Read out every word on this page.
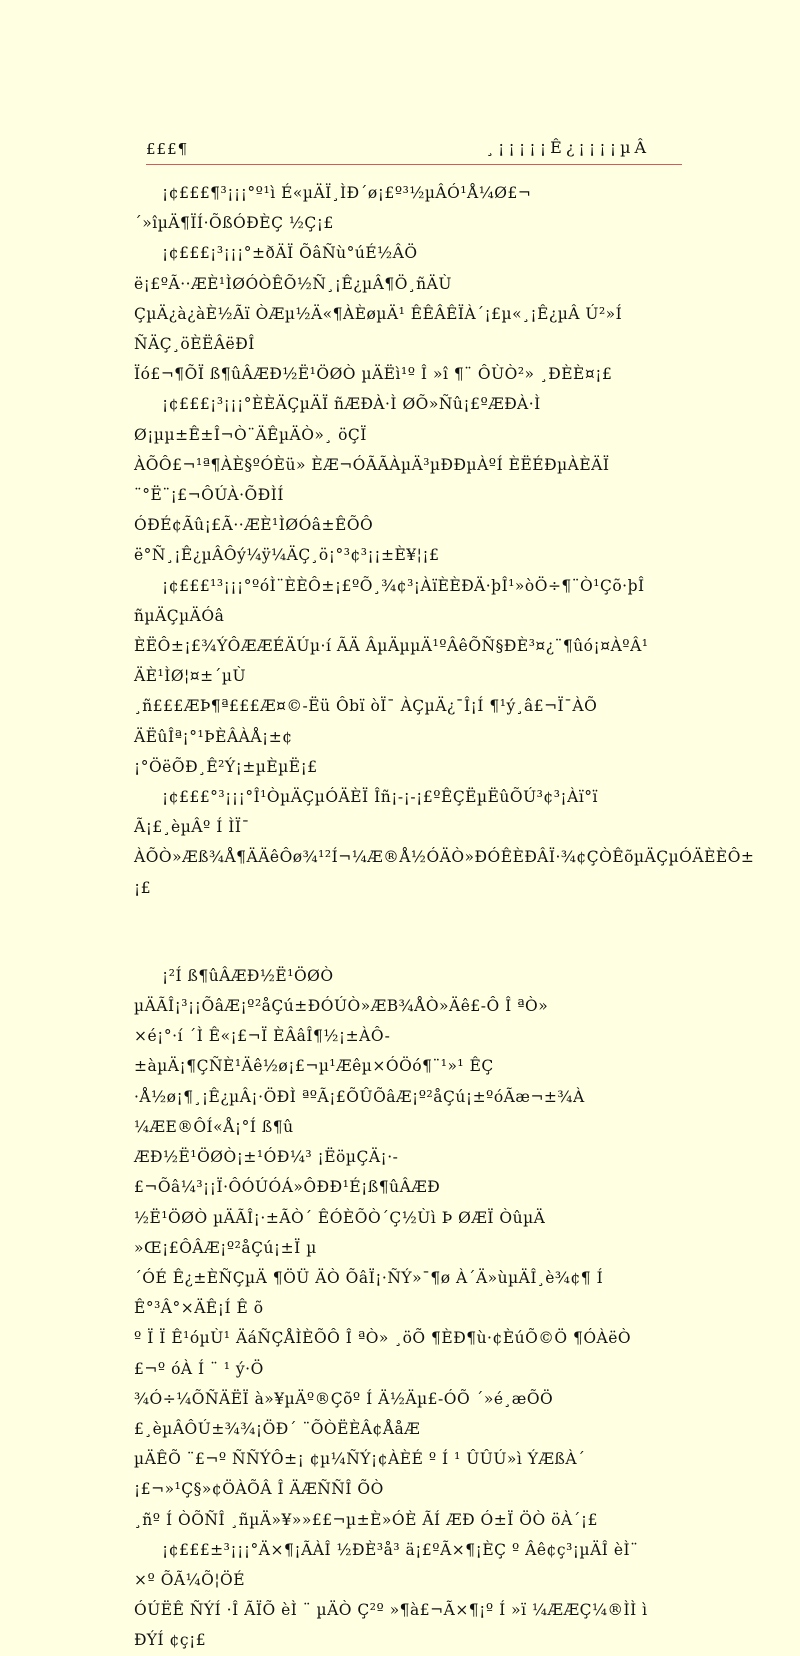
£££¶	¸¡¡¡¡¡Ê¿¡¡¡¡µÂ

¡¢£££¶³¡¡¡°º¹ì É«µÄÏ¸ÌÐ´ø¡£º³½µÂÓ¹Å¼Ø£¬´»îµÄ¶ÏÍ·ÕßÓÐÈÇ ½Ç¡£

¡¢£££¡³¡¡¡°±ðÄÏ ÕâÑù°úÉ½ÂÖ ë¡£ºÃ··ÆÈ¹ÌØÓÒÊÕ½Ñ¸¡Ê¿µÂ¶Ö¸ñÄÙ
ÇµÄ¿à¿àÈ½Ãï ÒÆµ½Ä«¶ÀÈøµÄ¹ ÊÊÂÊÏÀ´¡£µ«¸¡Ê¿µÂ Ú²»Í ÑÄÇ¸öÈËÂëÐÎ
Ïó£¬¶ÕÏ ß¶ûÂÆÐ½Ë¹ÖØÒ µÄËì¹º Î »î ¶¨ ÔÙÒ²» ¸ÐÈÈ¤¡£

¡¢£££¡³¡¡¡°ÈÈÄÇµÄÏ ñÆÐÀ·Ì ØÕ»Ñû¡£ºÆÐÀ·Ì Ø¡µµ±Ê±Î¬Ò¨ÄÊµÄÒ»¸ öÇÏ
ÀÕÔ£¬¹ª¶ÀÈ§ºÓÈü» ÈÆ¬ÓÃÃÀµÄ³µÐÐµÀºÍ ÈËÉÐµÀÈÄÏ ¨°Ë¨¡£¬ÔÚÀ·ÕÐÌÍ
ÓÐÉ¢Ãû¡£Ã··ÆÈ¹ÌØÓâ±ÊÕÔ ë°Ñ¸¡Ê¿µÂÔý¼ÿ¼ÄÇ¸ö¡°³¢³¡¡±È¥¦¡£

¡¢£££¹³¡¡¡°ºóÌ¨ÈÈÔ±¡£ºÕ¸¾¢³¡ÀïÈÈÐÄ·þÎ¹»òÖ÷¶¨Ò¹Çõ·þÎ ñµÄÇµÄÓâ
ÈËÔ±¡£¾ÝÔÆÆÉÄÚµ·í ÃÄ ÂµÄµµÄ¹ºÂêÕÑ§ÐÈ³¤¿¨¶ûó¡¤ÀºÂ¹ ÄÈ¹ÌØ¦¤±´µÙ
¸ñ£££ÆÞ¶ª£££Æ¤©-Ëü Ôbï òÏ¯ ÀÇµÄ¿¯Î¡Í ¶¹ý¸â£¬Ï¯ÀÕ ÄËûÎª¡°¹ÞÈÂÀÅ¡±¢
¡°ÖëÕÐ¸Ê²Ý¡±µÈµË¡£

¡¢£££°³¡¡¡°Î¹ÒµÄÇµÓÄÈÏ Îñ¡-¡-¡£ºÊÇËµËûÕÚ³¢³¡Àï°ï Ã¡£¸èµÂº Í ÌÏ¯
ÀÕÒ»Æß¾Å¶ÄÄêÔø¾¹²Í¬¼Æ®Å½ÓÄÒ»ÐÓÊÈÐÂÏ·¾¢ÇÒÊõµÄÇµÓÄÈÈÔ±¡£

¡²Í ß¶ûÂÆÐ½Ë¹ÖØÒ µÄÃÎ¡³¡¡ÕâÆ¡º²åÇú±ÐÓÚÒ»ÆB¾ÅÒ»Äê£-Ô Î ªÒ»
×é¡°·í ´Ì Ê«¡£¬Ï ÈÂâÎ¶½¡±ÀÔ-±àµÄ¡¶ÇÑÈ¹Äê½ø¡£¬µ¹Æêµ×ÓÖó¶¨¹»¹ ÊÇ
·Å½ø¡¶¸¡Ê¿µÂ¡·ÖÐÌ ªºÃ¡£ÕÛÕâÆ¡º²åÇú¡±ºóÃæ¬±¾À ¼ÆE®ÔÍ«Å¡°Í ß¶û
ÆÐ½Ë¹ÖØÒ¡±¹ÓÐ¼³ ¡ËöµÇÄ¡·-£¬Õâ¼³¡¡Ï·ÔÓÚÓÁ»ÔÐÐ¹É¡ß¶ûÂÆÐ
½Ë¹ÖØÒ µÄÃÎ¡·±ÃÒ´ ÊÓÈÕÒ´Ç½Ùì Þ ØÆÏ ÒûµÄ »Œ¡£ÔÂÆ¡º²åÇú¡±Ï µ
´ÓÉ Ê¿±ÈÑÇµÄ ¶ÖÜ ÄÒ ÕâÏ¡·ÑÝ»¯¶ø À´Ä»ùµÄÎ¸è¾¢¶ Í Ê°³Â°×ÄÊ¡Í Ê õ
º Ï Ï Ê¹óµÙ¹ ÄáÑÇÅÌÈÕÔ Î ªÒ» ¸öÕ ¶ÈÐ¶ù·¢ÈúÕ©Ö ¶ÓÀëÒ £¬º óÀ Í ¨ ¹ ý·Ö
¾Ó÷¼ÕÑÄËÏ à»¥µÄº®Çõº Í Ä½Äµ£-ÓÕ ´»é¸æÕÖ £¸èµÂÔÚ±¾¾¡ÖÐ´ ¨ÕÒËÈÂ¢ÅåÆ
µÄÊÕ ¨£¬º ÑÑÝÔ±¡ ¢µ¼ÑÝ¡¢ÀÈÉ º Í ¹ ÛÛÚ»ì ÝÆßÀ´ ¡£¬»¹Ç§»¢ÖÀÕÂ Î ÄÆÑÑÎ ÕÒ
¸ñº Í ÒÕÑÎ ¸ñµÄ»¥»»££¬µ±È»ÓÈ ÃÍ ÆÐ Ó±Ï ÖÒ öÀ´¡£

¡¢£££±³¡¡¡°Ä×¶¡ÃÀÎ ½ÐÈ³å³ ä¡£ºÃ×¶¡ÈÇ º Âê¢ç³¡µÄÎ èÌ¨ ×º ÕÃ¼Õ¦ÖÉ
ÓÚËÊ ÑÝÍ ·Î ÃÏÕ èÌ ¨ µÄÒ Ç²º »¶à£¬Ã×¶¡º Í »ï ¼ÆÆÇ¼®ÌÌ ì ÐÝÍ ¢ç¡£
